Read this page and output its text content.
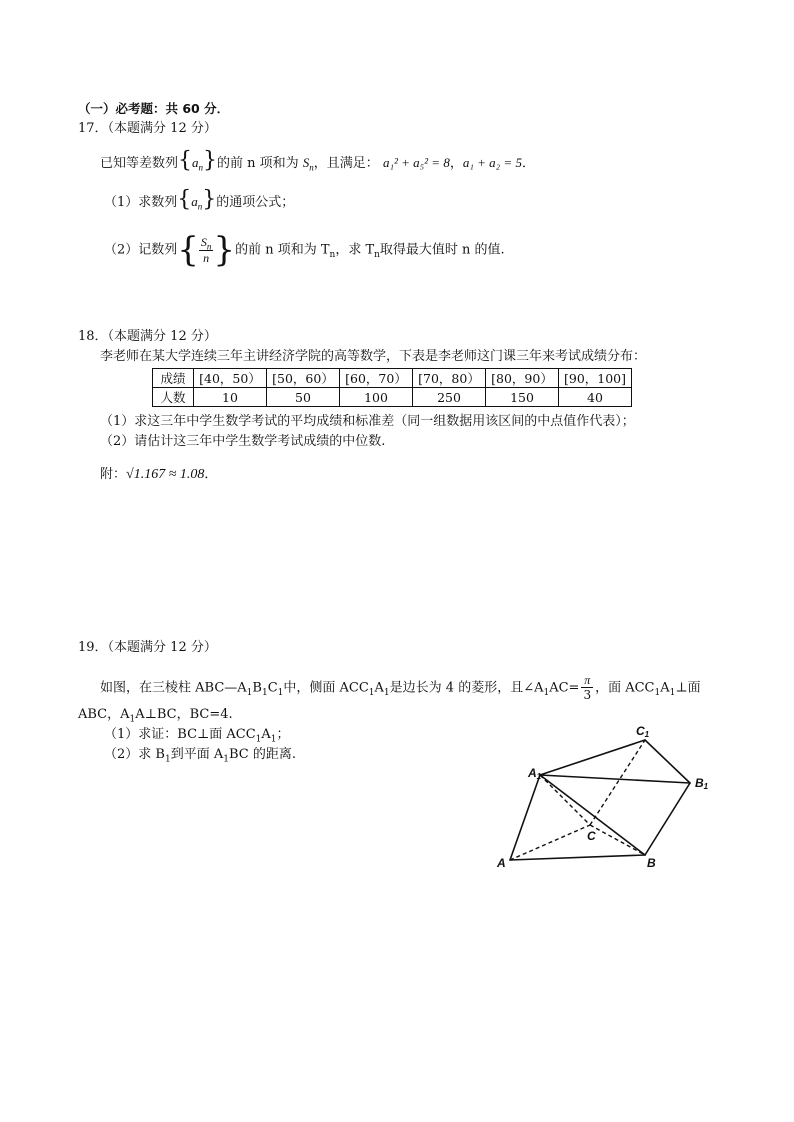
（一）必考题：共 60 分．
17．（本题满分 12 分）
已知等差数列$\{a_n\}$的前 n 项和为 $S_n$，且满足： a₁² + a₅² = 8，a₁ + a₂ = 5．
（1）求数列$\{a_n\}$的通项公式；
（2）记数列{ $\frac{S_n}{n}$ }的前 n 项和为 $T_n$，求 $T_n$取得最大值时 n 的值.
18．（本题满分 12 分）
李老师在某大学连续三年主讲经济学院的高等数学，下表是李老师这门课三年来考试成绩分布：
成绩	[40，50）	[50，60）	[60，70）	[70，80）	[80，90）	[90，100]
人数	10	50	100	250	150	40
（1）求这三年中学生数学考试的平均成绩和标准差（同一组数据用该区间的中点值作代表）；
（2）请估计这三年中学生数学考试成绩的中位数.
附：√1.167 ≈ 1.08．
19．（本题满分 12 分）
如图，在三棱柱 $ABC—A_1B_1C_1$中，侧面 $ACC_1A_1$是边长为 4 的菱形，且$\angle A_1AC= \frac{\pi}{3}$ ，面 $ACC_1A_1\perp$面
ABC，$A_1A\perp BC$，BC=4.
（1）求证：BC⊥面 $ACC_1A_1$；
（2）求 $B_1$到平面 $A_1BC$ 的距离.
C1
A1	B1
C
A	B
